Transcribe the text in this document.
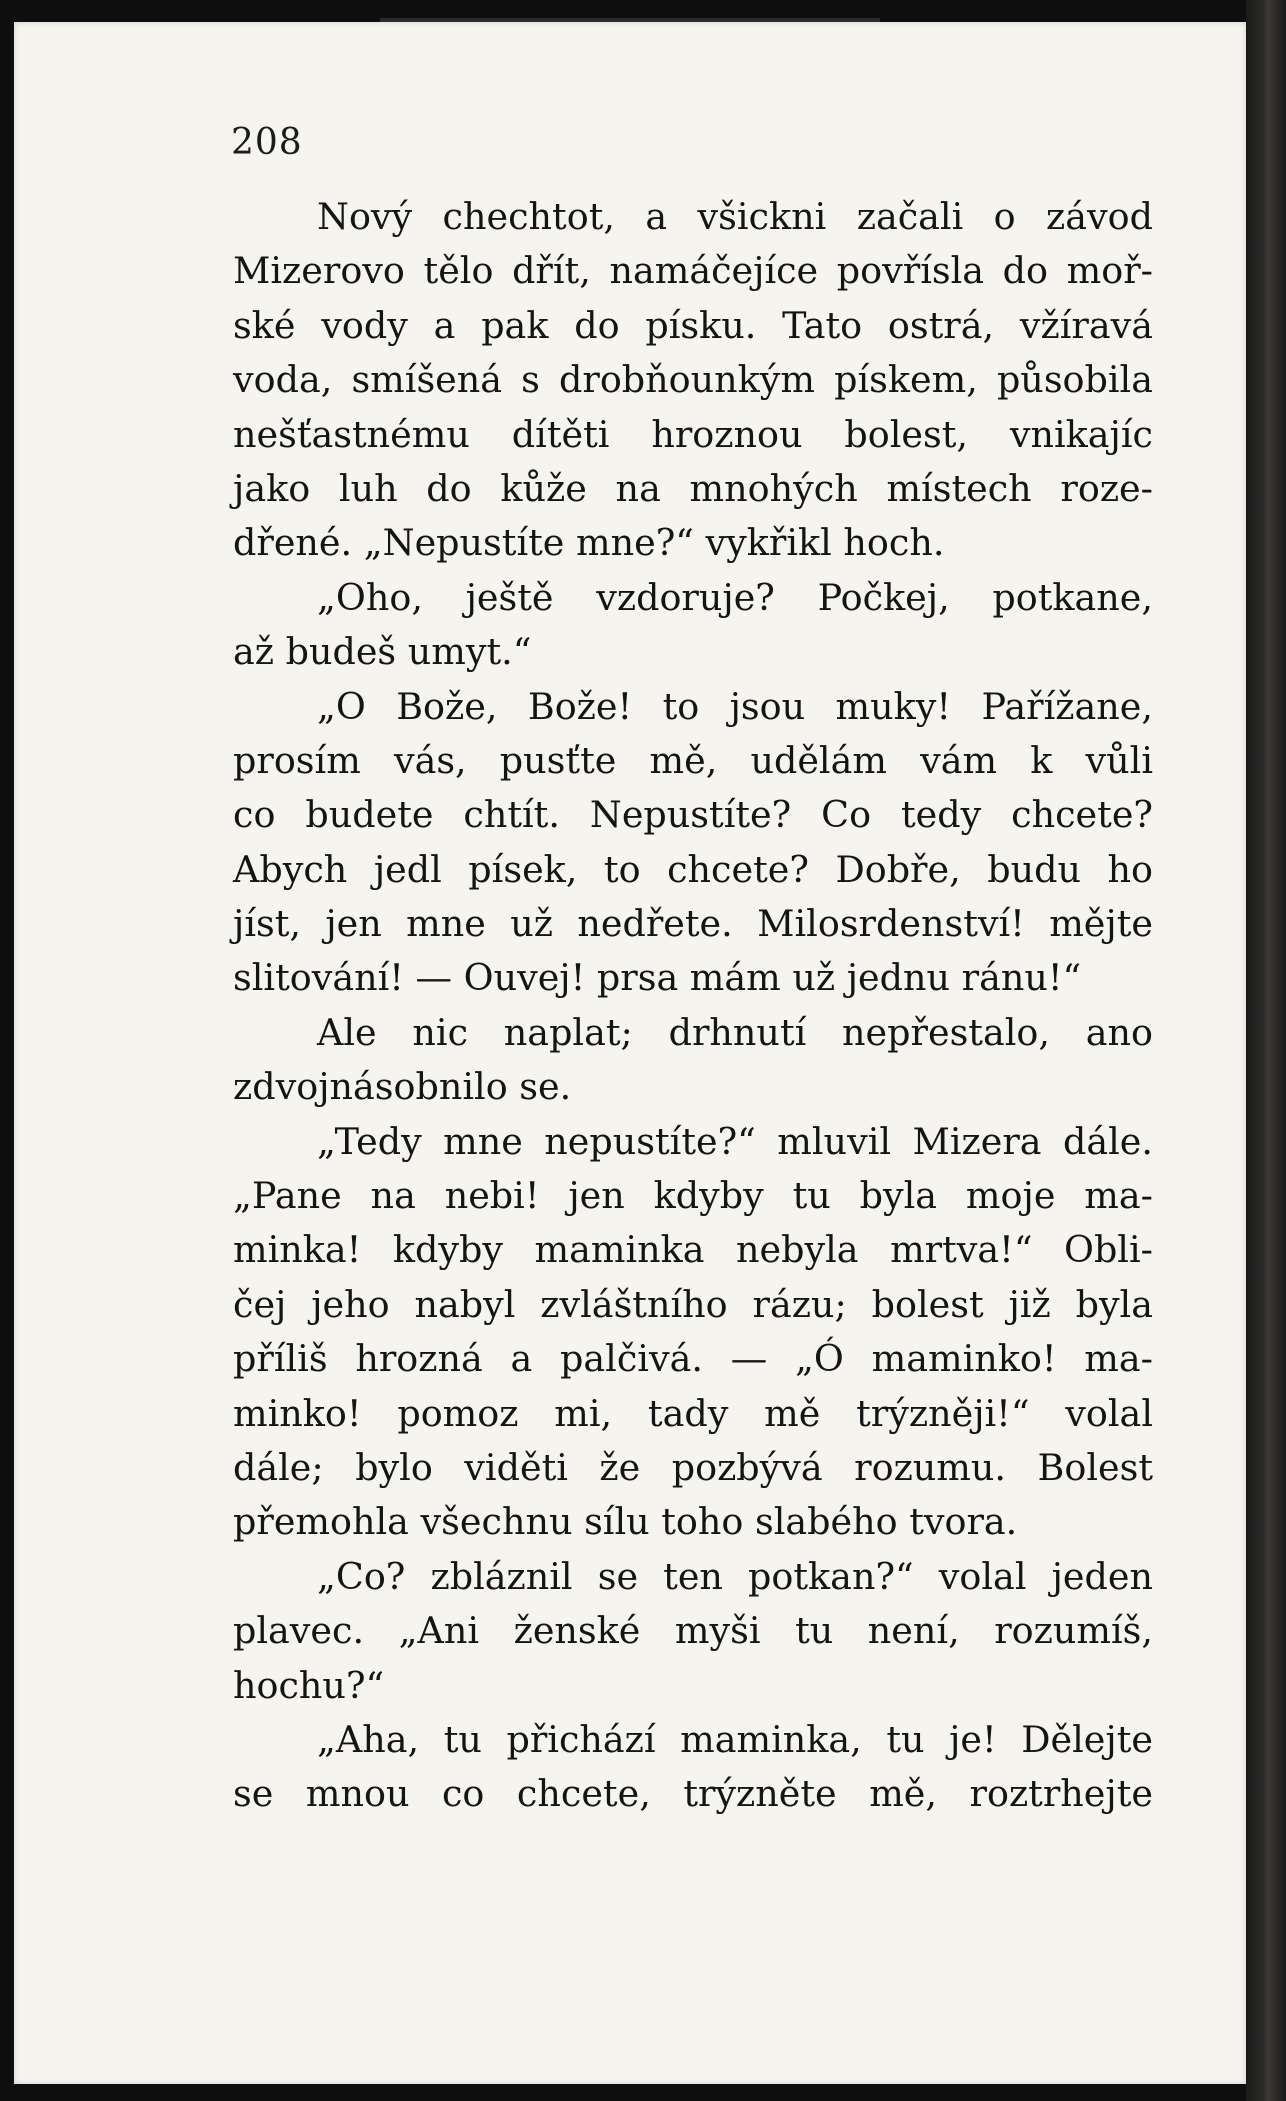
208
Nový chechtot, a všickni začali o závod
Mizerovo tělo dřít, namáčejíce povřísla do moř-
ské vody a pak do písku. Tato ostrá, vžíravá
voda, smíšená s drobňounkým pískem, působila
nešťastnému dítěti hroznou bolest, vnikajíc
jako luh do kůže na mnohých místech roze-
dřené. „Nepustíte mne?“ vykřikl hoch.
„Oho, ještě vzdoruje? Počkej, potkane,
až budeš umyt.“
„O Bože, Bože! to jsou muky! Pařížane,
prosím vás, pusťte mě, udělám vám k vůli
co budete chtít. Nepustíte? Co tedy chcete?
Abych jedl písek, to chcete? Dobře, budu ho
jíst, jen mne už nedřete. Milosrdenství! mějte
slitování! — Ouvej! prsa mám už jednu ránu!“
Ale nic naplat; drhnutí nepřestalo, ano
zdvojnásobnilo se.
„Tedy mne nepustíte?“ mluvil Mizera dále.
„Pane na nebi! jen kdyby tu byla moje ma-
minka! kdyby maminka nebyla mrtva!“ Obli-
čej jeho nabyl zvláštního rázu; bolest již byla
příliš hrozná a palčivá. — „Ó maminko! ma-
minko! pomoz mi, tady mě trýzněji!“ volal
dále; bylo viděti že pozbývá rozumu. Bolest
přemohla všechnu sílu toho slabého tvora.
„Co? zbláznil se ten potkan?“ volal jeden
plavec. „Ani ženské myši tu není, rozumíš,
hochu?“
„Aha, tu přichází maminka, tu je! Dělejte
se mnou co chcete, trýzněte mě, roztrhejte
